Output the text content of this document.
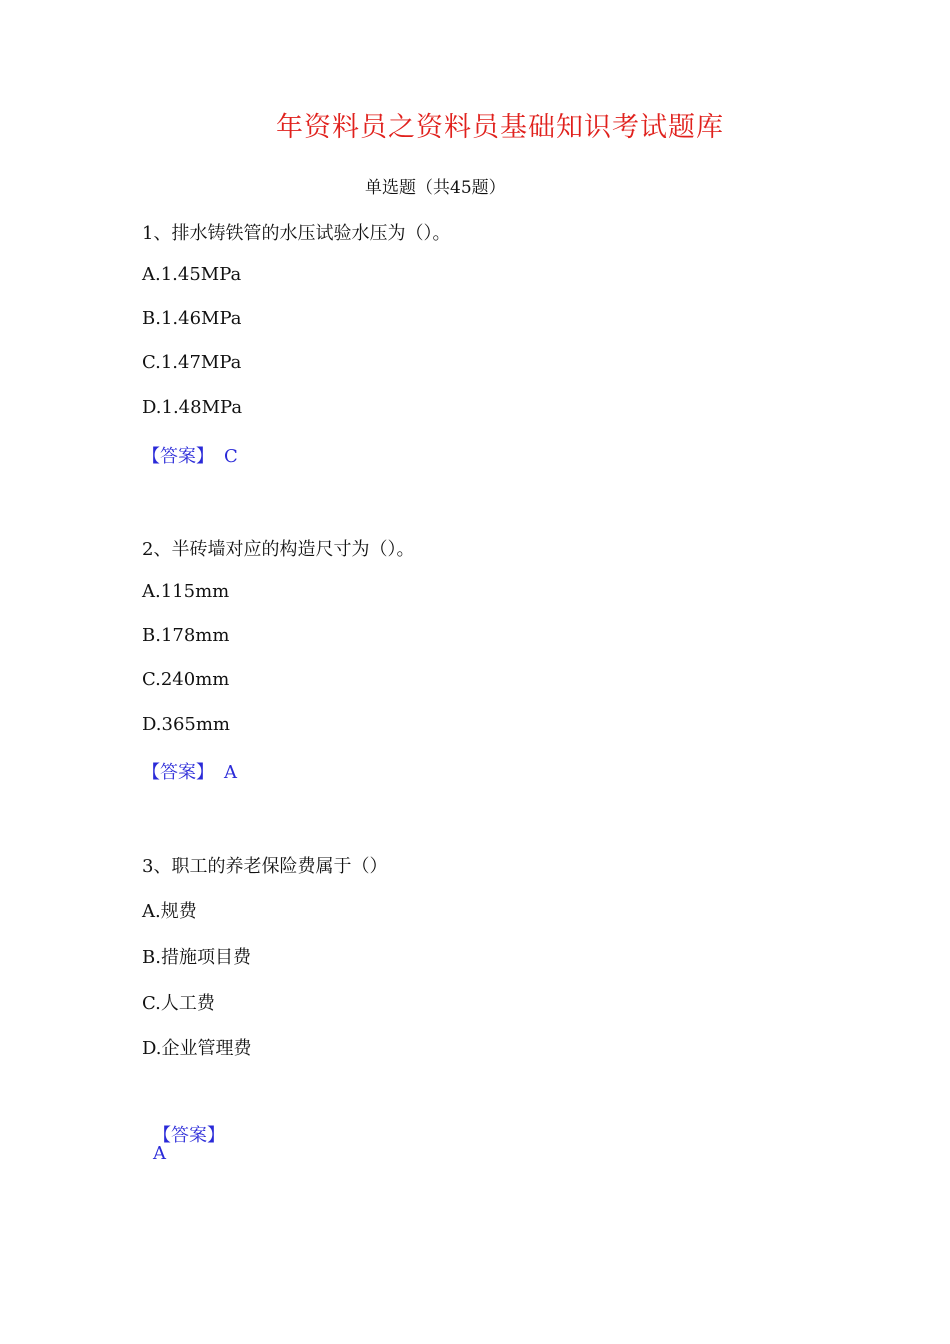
年资料员之资料员基础知识考试题库
单选题（共45题）
1、排水铸铁管的水压试验水压为（）。
A.1.45MPa
B.1.46MPa
C.1.47MPa
D.1.48MPa
【答案】 C
2、半砖墙对应的构造尺寸为（）。
A.115mm
B.178mm
C.240mm
D.365mm
【答案】 A
3、职工的养老保险费属于（）
A.规费
B.措施项目费
C.人工费
D.企业管理费
【答案】
A
